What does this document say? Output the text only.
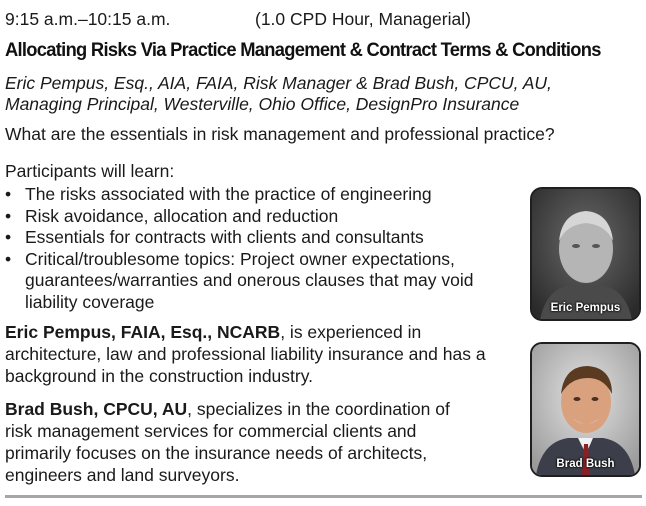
9:15 a.m.–10:15 a.m.	(1.0 CPD Hour, Managerial)
Allocating Risks Via Practice Management & Contract Terms & Conditions
Eric Pempus, Esq., AIA, FAIA, Risk Manager & Brad Bush, CPCU, AU,
Managing Principal, Westerville, Ohio Office, DesignPro Insurance
What are the essentials in risk management and professional practice?
Participants will learn:
• The risks associated with the practice of engineering
• Risk avoidance, allocation and reduction
• Essentials for contracts with clients and consultants
• Critical/troublesome topics: Project owner expectations, guarantees/warranties and onerous clauses that may void liability coverage
Eric Pempus, FAIA, Esq., NCARB, is experienced in architecture, law and professional liability insurance and has a background in the construction industry.
Brad Bush, CPCU, AU, specializes in the coordination of risk management services for commercial clients and primarily focuses on the insurance needs of architects, engineers and land surveyors.
Eric Pempus
Brad Bush
